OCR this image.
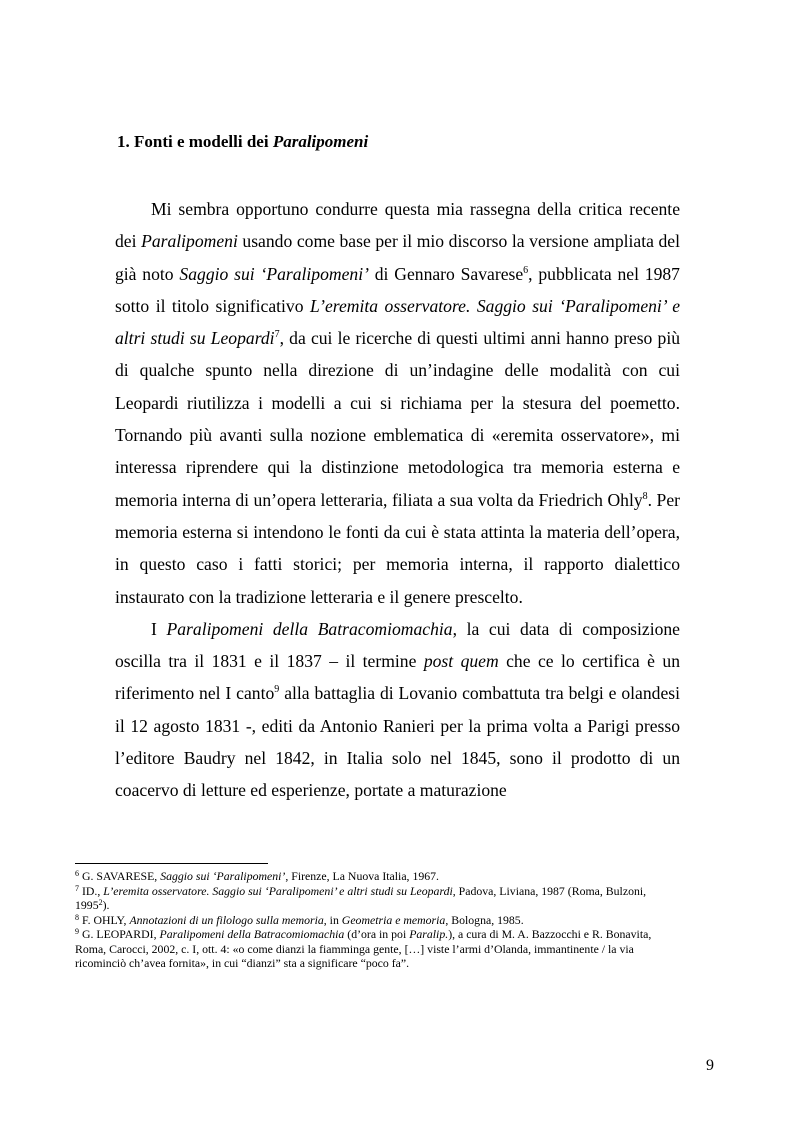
1. Fonti e modelli dei Paralipomeni

Mi sembra opportuno condurre questa mia rassegna della critica recente dei Paralipomeni usando come base per il mio discorso la versione ampliata del già noto Saggio sui ‘Paralipomeni’ di Gennaro Savarese$^6$, pubblicata nel 1987 sotto il titolo significativo L’eremita osservatore. Saggio sui ‘Paralipomeni’ e altri studi su Leopardi$^7$, da cui le ricerche di questi ultimi anni hanno preso più di qualche spunto nella direzione di un’indagine delle modalità con cui Leopardi riutilizza i modelli a cui si richiama per la stesura del poemetto. Tornando più avanti sulla nozione emblematica di «eremita osservatore», mi interessa riprendere qui la distinzione metodologica tra memoria esterna e memoria interna di un’opera letteraria, filiata a sua volta da Friedrich Ohly$^8$. Per memoria esterna si intendono le fonti da cui è stata attinta la materia dell’opera, in questo caso i fatti storici; per memoria interna, il rapporto dialettico instaurato con la tradizione letteraria e il genere prescelto.

I Paralipomeni della Batracomiomachia, la cui data di composizione oscilla tra il 1831 e il 1837 – il termine post quem che ce lo certifica è un riferimento nel I canto$^9$ alla battaglia di Lovanio combattuta tra belgi e olandesi il 12 agosto 1831 -, editi da Antonio Ranieri per la prima volta a Parigi presso l’editore Baudry nel 1842, in Italia solo nel 1845, sono il prodotto di un coacervo di letture ed esperienze, portate a maturazione

$^6$ G. SAVARESE, Saggio sui ‘Paralipomeni’, Firenze, La Nuova Italia, 1967.
$^7$ ID., L’eremita osservatore. Saggio sui ‘Paralipomeni’ e altri studi su Leopardi, Padova, Liviana, 1987 (Roma, Bulzoni, 1995$^2$).
$^8$ F. OHLY, Annotazioni di un filologo sulla memoria, in Geometria e memoria, Bologna, 1985.
$^9$ G. LEOPARDI, Paralipomeni della Batracomiomachia (d’ora in poi Paralip.), a cura di M. A. Bazzocchi e R. Bonavita, Roma, Carocci, 2002, c. I, ott. 4: «o come dianzi la fiamminga gente, […] viste l’armi d’Olanda, immantinente / la via ricominciò ch’avea fornita», in cui “dianzi” sta a significare “poco fa”.
9
